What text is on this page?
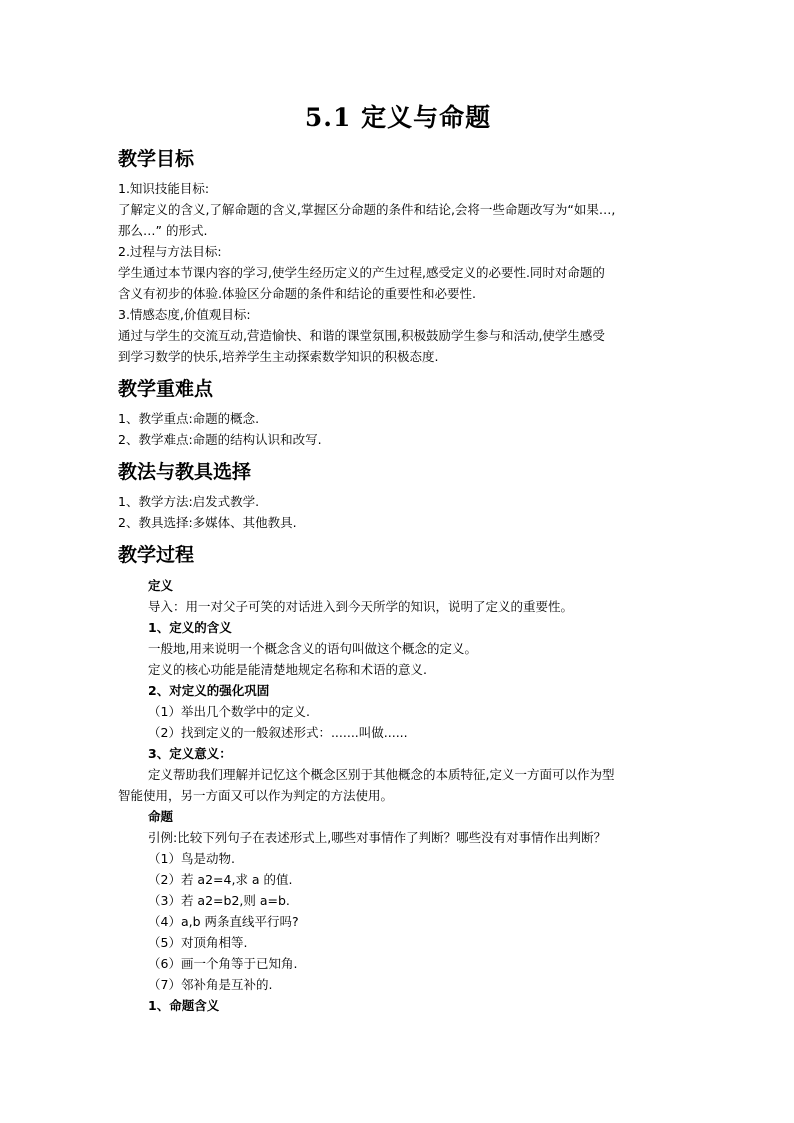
5.1 定义与命题
教学目标
1.知识技能目标:
了解定义的含义,了解命题的含义,掌握区分命题的条件和结论,会将一些命题改写为“如果…,
那么…” 的形式.
2.过程与方法目标:
学生通过本节课内容的学习,使学生经历定义的产生过程,感受定义的必要性.同时对命题的
含义有初步的体验.体验区分命题的条件和结论的重要性和必要性.
3.情感态度,价值观目标:
通过与学生的交流互动,营造愉快、和谐的课堂氛围,积极鼓励学生参与和活动,使学生感受
到学习数学的快乐,培养学生主动探索数学知识的积极态度.
教学重难点
1、教学重点:命题的概念.
2、教学难点:命题的结构认识和改写.
教法与教具选择
1、教学方法:启发式教学.
2、教具选择:多媒体、其他教具.
教学过程
定义
导入：用一对父子可笑的对话进入到今天所学的知识，说明了定义的重要性。
1、定义的含义
一般地,用来说明一个概念含义的语句叫做这个概念的定义。
定义的核心功能是能清楚地规定名称和术语的意义.
2、对定义的强化巩固
（1）举出几个数学中的定义.
（2）找到定义的一般叙述形式：.......叫做......
3、定义意义：
定义帮助我们理解并记忆这个概念区别于其他概念的本质特征,定义一方面可以作为型
智能使用，另一方面又可以作为判定的方法使用。
命题
引例:比较下列句子在表述形式上,哪些对事情作了判断？哪些没有对事情作出判断？
（1）鸟是动物.
（2）若 a2=4,求 a 的值.
（3）若 a2=b2,则 a=b.
（4）a,b 两条直线平行吗?
（5）对顶角相等.
（6）画一个角等于已知角.
（7）邻补角是互补的.
1、命题含义
